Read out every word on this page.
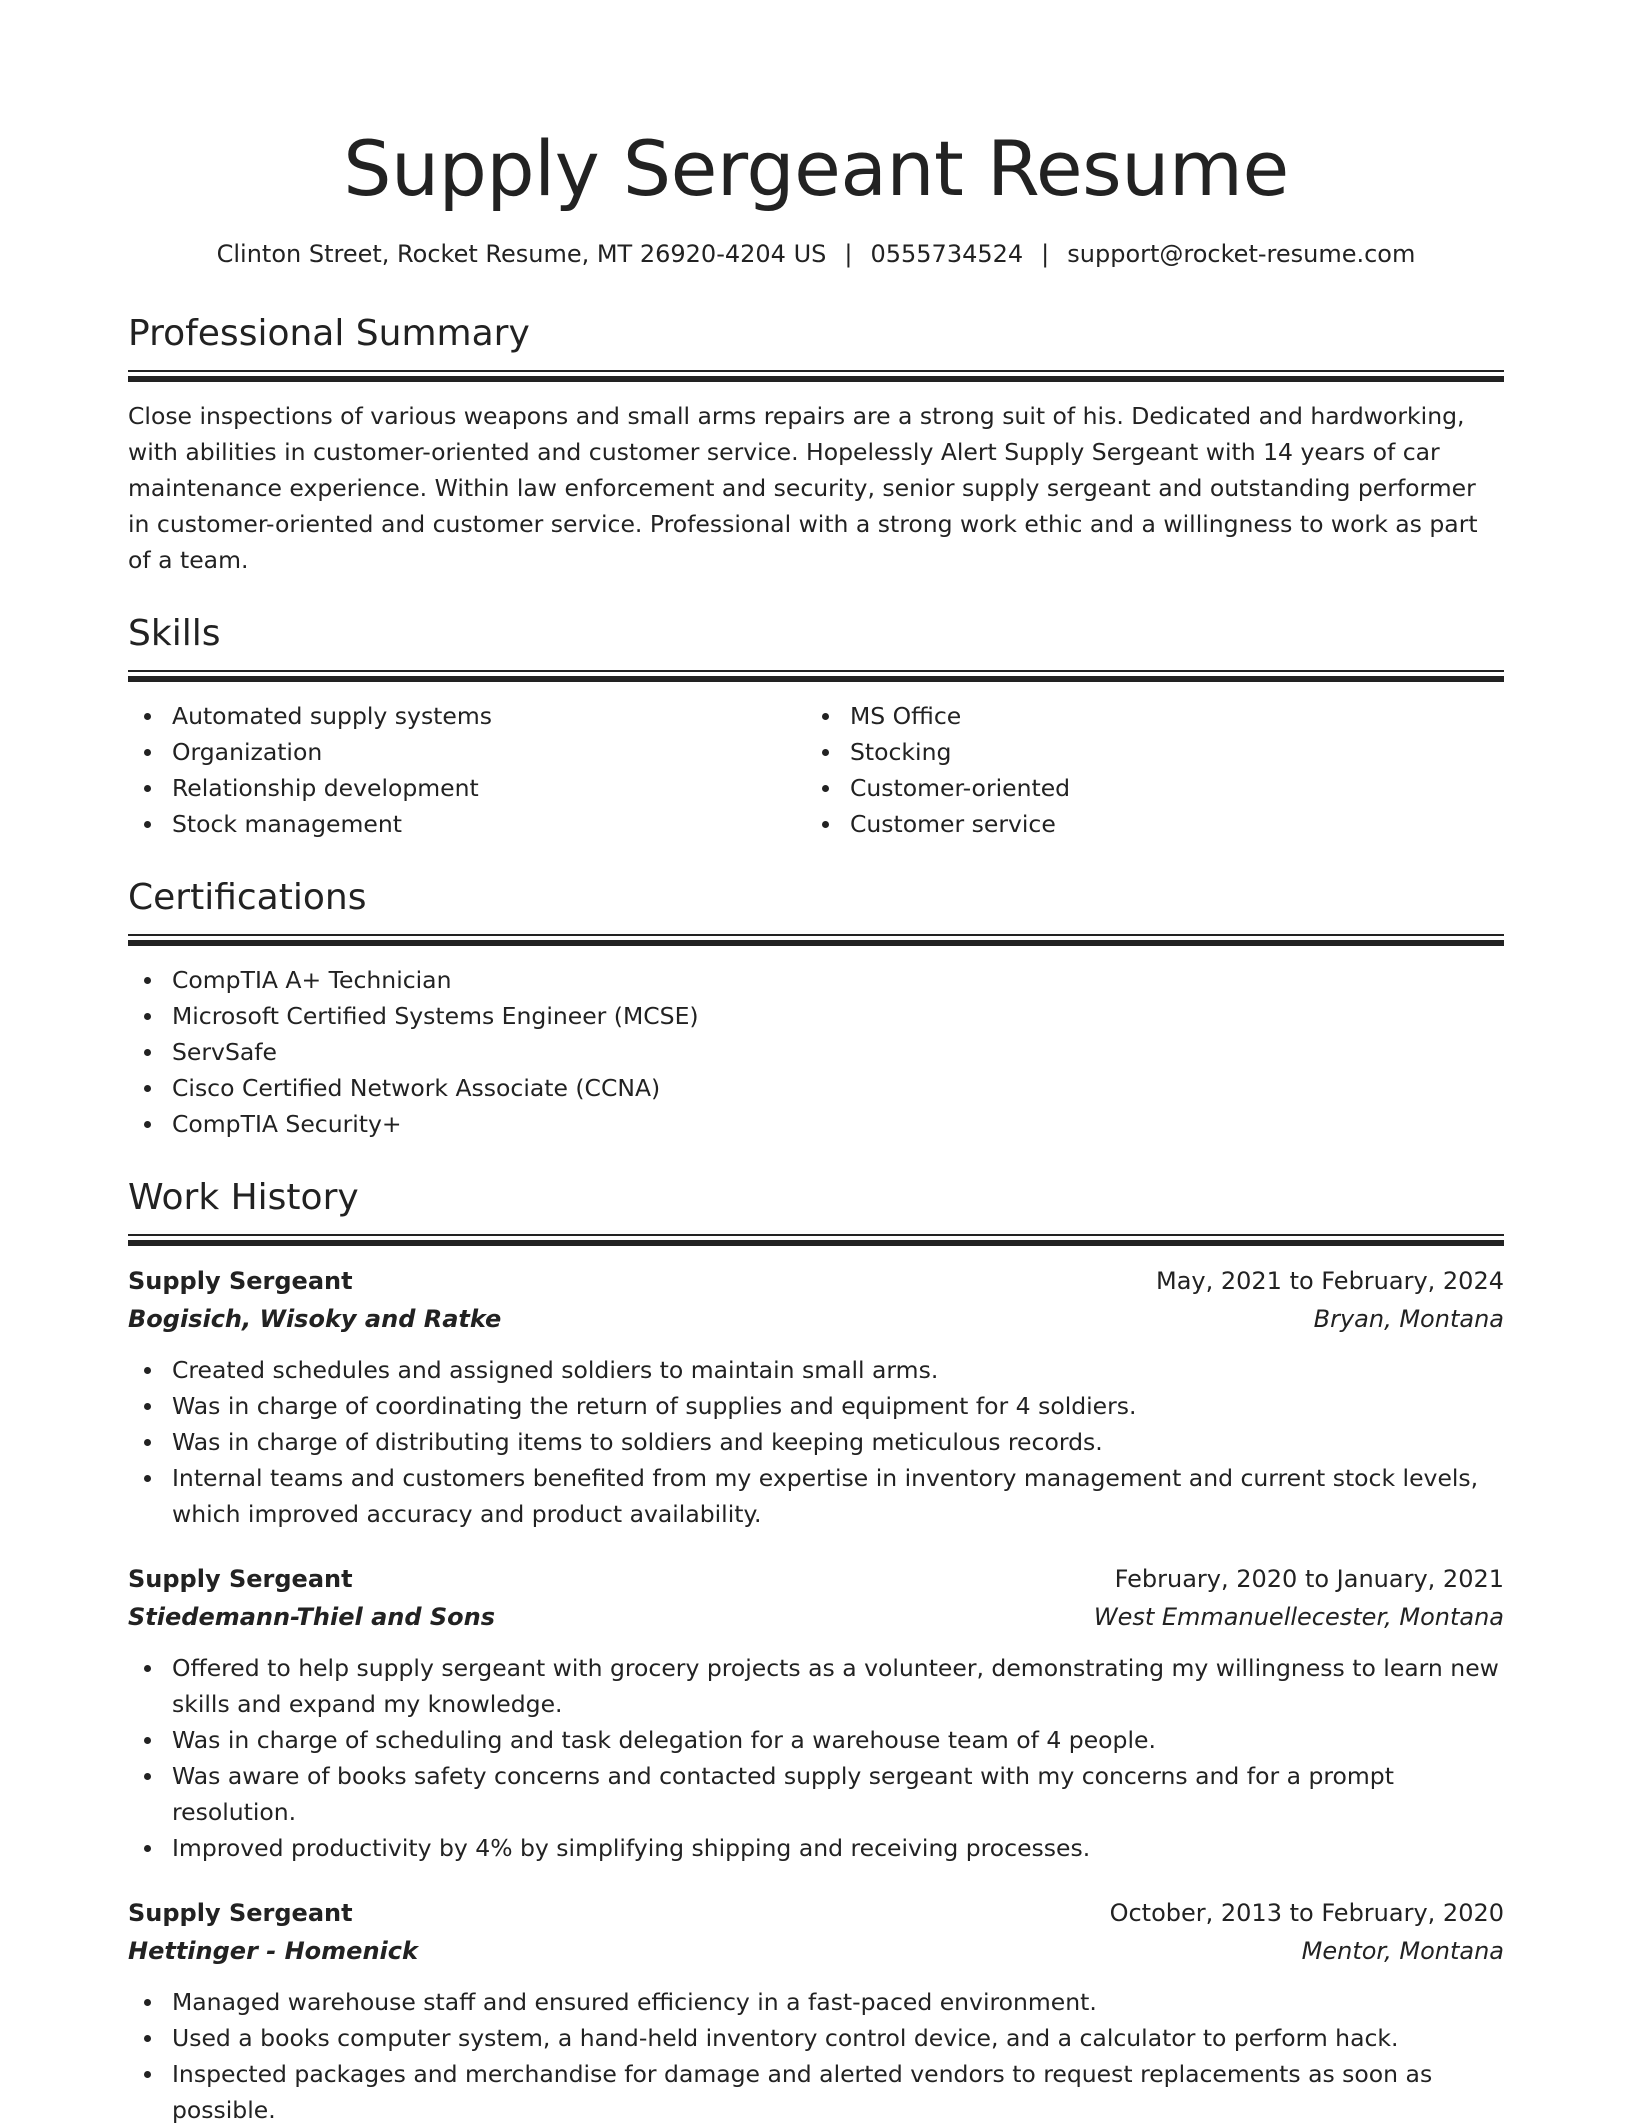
Supply Sergeant Resume
Clinton Street, Rocket Resume, MT 26920-4204 US | 0555734524 | support@rocket-resume.com
Professional Summary

Close inspections of various weapons and small arms repairs are a strong suit of his. Dedicated and hardworking, with abilities in customer-oriented and customer service. Hopelessly Alert Supply Sergeant with 14 years of car maintenance experience. Within law enforcement and security, senior supply sergeant and outstanding performer in customer-oriented and customer service. Professional with a strong work ethic and a willingness to work as part of a team.

Skills
Automated supply systems
Organization
Relationship development
Stock management
MS Office
Stocking
Customer-oriented
Customer service
Certifications
CompTIA A+ Technician
Microsoft Certified Systems Engineer (MCSE)
ServSafe
Cisco Certified Network Associate (CCNA)
CompTIA Security+
Work History
Supply Sergeant	May, 2021 to February, 2024
Bogisich, Wisoky and Ratke	Bryan, Montana
Created schedules and assigned soldiers to maintain small arms.
Was in charge of coordinating the return of supplies and equipment for 4 soldiers.
Was in charge of distributing items to soldiers and keeping meticulous records.
Internal teams and customers benefited from my expertise in inventory management and current stock levels, which improved accuracy and product availability.
Supply Sergeant	February, 2020 to January, 2021
Stiedemann-Thiel and Sons	West Emmanuellecester, Montana
Offered to help supply sergeant with grocery projects as a volunteer, demonstrating my willingness to learn new skills and expand my knowledge.
Was in charge of scheduling and task delegation for a warehouse team of 4 people.
Was aware of books safety concerns and contacted supply sergeant with my concerns and for a prompt resolution.
Improved productivity by 4% by simplifying shipping and receiving processes.
Supply Sergeant	October, 2013 to February, 2020
Hettinger - Homenick	Mentor, Montana
Managed warehouse staff and ensured efficiency in a fast-paced environment.
Used a books computer system, a hand-held inventory control device, and a calculator to perform hack.
Inspected packages and merchandise for damage and alerted vendors to request replacements as soon as possible.
